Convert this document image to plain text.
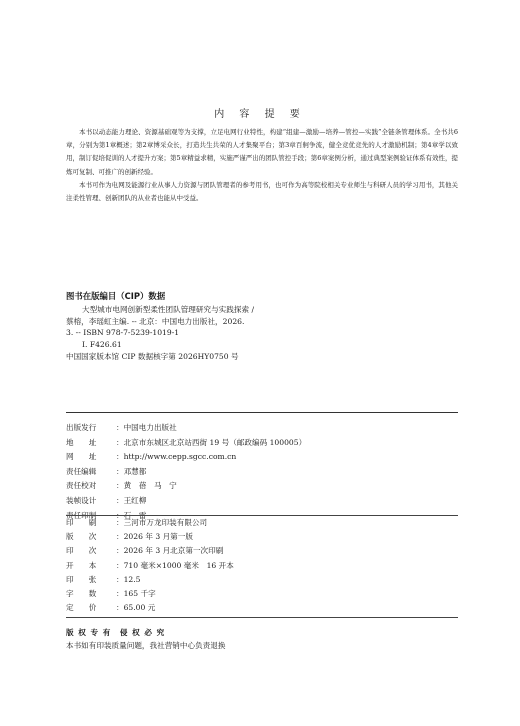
内 容 提 要

本书以动态能力理论、资源基础观等为支撑，立足电网行业特性，构建“组建—激励—培养—管控—实践”全链条管理体系。全书共6章，分别为第1章概述；第2章博采众长，打造共生共荣的人才集聚平台；第3章百舸争流，健全竞优竞先的人才激励机制；第4章学以致用，制订促培促训的人才提升方案；第5章精益求精，实施严谨严出的团队管控手段；第6章案例分析，通过典型案例验证体系有效性，提炼可复制、可推广的创新经验。

本书可作为电网及能源行业从事人力资源与团队管理者的参考用书，也可作为高等院校相关专业师生与科研人员的学习用书，其他关注柔性管理、创新团队的从业者也能从中受益。

图书在版编目（CIP）数据
大型城市电网创新型柔性团队管理研究与实践探索 /
蔡榕，李瑶虹主编. -- 北京：中国电力出版社，2026.
3. -- ISBN 978-7-5239-1019-1
Ⅰ. F426.61
中国国家版本馆 CIP 数据核字第 2026HY0750 号
出版发行	： 中国电力出版社
地　　址	： 北京市东城区北京站西街 19 号（邮政编码 100005）
网　　址	： http://www.cepp.sgcc.com.cn
责任编辑	： 邓慧都
责任校对	： 黄　蓓　马　宁
装帧设计	： 王红柳
责任印制	： 石　雷
印　　刷	： 三河市万龙印装有限公司
版　　次	： 2026 年 3 月第一版
印　　次	： 2026 年 3 月北京第一次印刷
开　　本	： 710 毫米×1000 毫米　16 开本
印　　张	： 12.5
字　　数	： 165 千字
定　　价	： 65.00 元
版 权 专 有　侵 权 必 究
本书如有印装质量问题，我社营销中心负责退换
